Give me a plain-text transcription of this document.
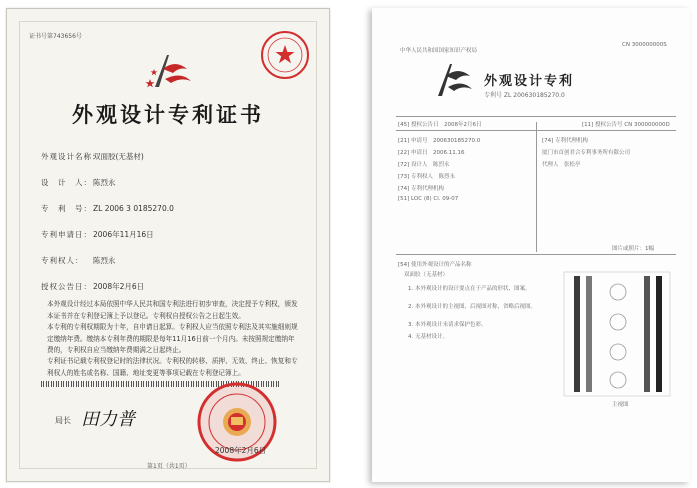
证书号第743656号
外观设计专利证书
外观设计名称：双面胶(无基材)
设　计　人：陈烈永
专　利　号：ZL 2006 3 0185270.0
专利申请日：2006年11月16日
专利权人： 陈烈永
授权公告日：2008年2月6日
本外观设计经过本局依照中华人民共和国专利法进行初步审查，决定授予专利权，颁发本证书并在专利登记簿上予以登记。专利权自授权公告之日起生效。
本专利的专利权期限为十年，自申请日起算。专利权人应当依照专利法及其实施细则规定缴纳年费。缴纳本专利年费的期限是每年11月16日前一个月内。未按照规定缴纳年费的，专利权自应当缴纳年费期满之日起终止。
专利证书记载专利权登记时的法律状况。专利权的转移、质押、无效、终止、恢复和专利权人的姓名或名称、国籍、地址变更等事项记载在专利登记簿上。
局长 田力普
2008年2月6日
第1页（共1页）
中华人民共和国国家知识产权局
CN 300000000S
外观设计专利
专利号 ZL 200630185270.0
[45] 授权公告日　2008年2月6日	[11] 授权公告号 CN 300000000D
[21] 申请号　200630185270.0
[22] 申请日　2006.11.16
[72] 设计人　陈烈永
[73] 专利权人　陈烈永
[74] 专利代理机构
[51] LOC (8) Cl. 09-07
[74] 专利代理机构
厦门市首创君合专利事务所有限公司
代理人　张松亭
图片或照片：1幅
[54] 使用外观设计的产品名称
双面胶（无基材）
1. 本外观设计的设计要点在于产品的形状、图案。
2. 本外观设计的主视图、后视图对称，省略后视图。
3. 本外观设计未请求保护色彩。
4. 无基材设计。
主视图
